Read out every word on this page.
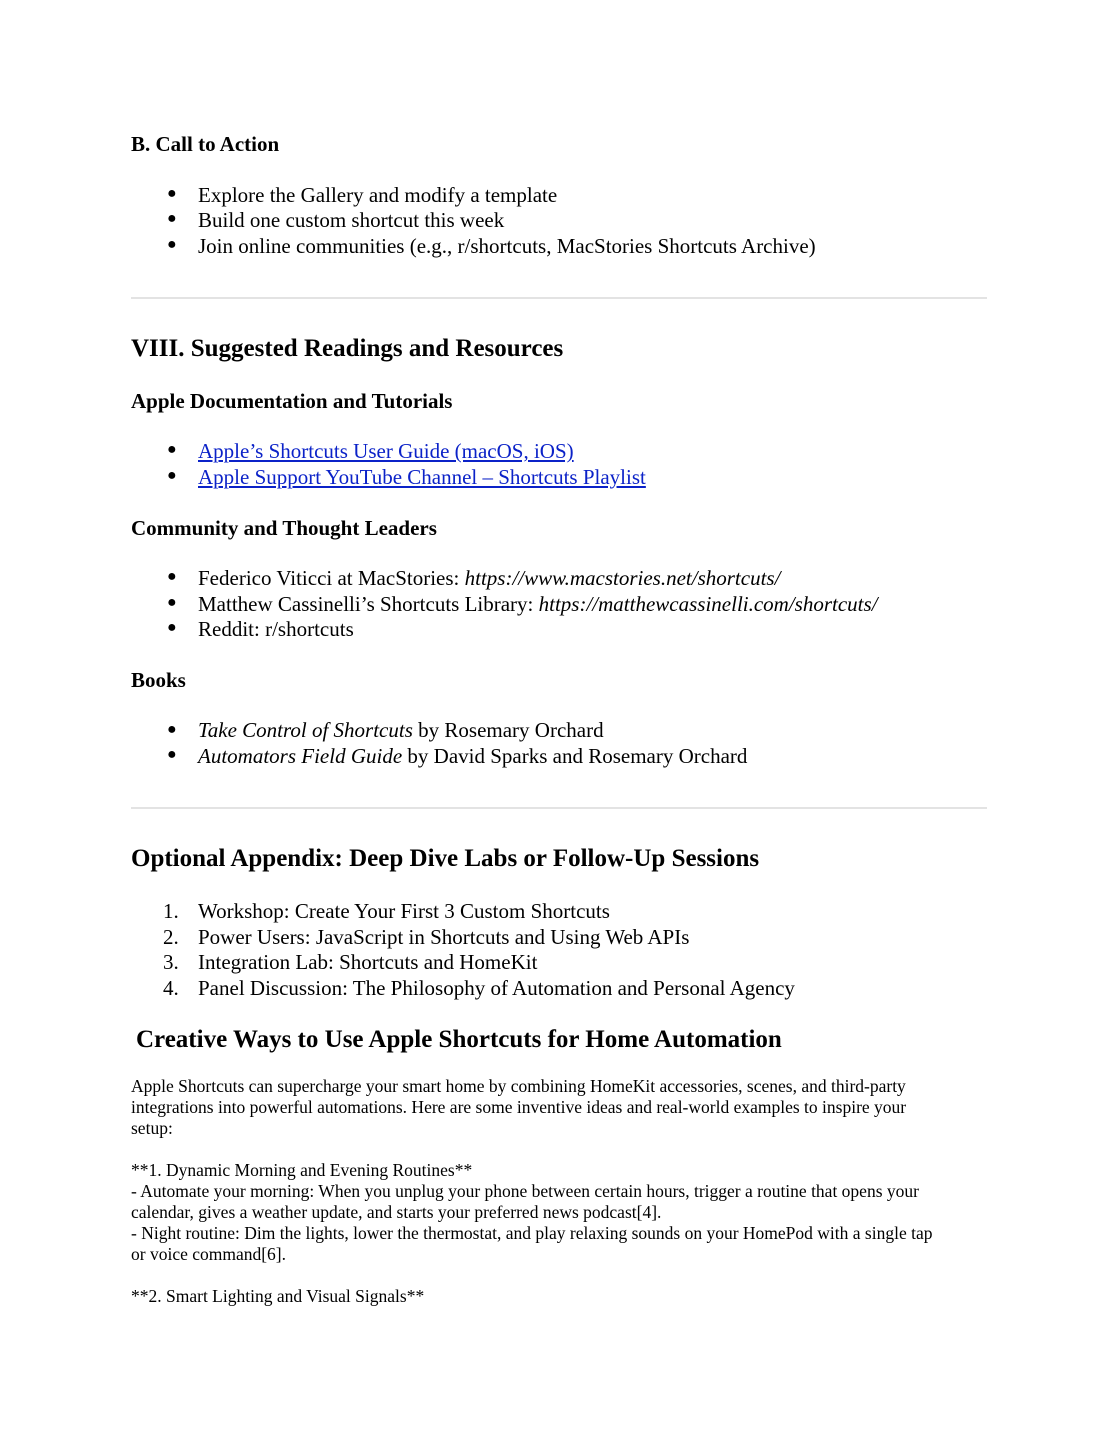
B. Call to Action
● Explore the Gallery and modify a template
● Build one custom shortcut this week
● Join online communities (e.g., r/shortcuts, MacStories Shortcuts Archive)
VIII. Suggested Readings and Resources
Apple Documentation and Tutorials
● Apple’s Shortcuts User Guide (macOS, iOS)
● Apple Support YouTube Channel – Shortcuts Playlist
Community and Thought Leaders
● Federico Viticci at MacStories: https://www.macstories.net/shortcuts/
● Matthew Cassinelli’s Shortcuts Library: https://matthewcassinelli.com/shortcuts/
● Reddit: r/shortcuts
Books
● Take Control of Shortcuts by Rosemary Orchard
● Automators Field Guide by David Sparks and Rosemary Orchard
Optional Appendix: Deep Dive Labs or Follow-Up Sessions
1. Workshop: Create Your First 3 Custom Shortcuts
2. Power Users: JavaScript in Shortcuts and Using Web APIs
3. Integration Lab: Shortcuts and HomeKit
4. Panel Discussion: The Philosophy of Automation and Personal Agency
Creative Ways to Use Apple Shortcuts for Home Automation
Apple Shortcuts can supercharge your smart home by combining HomeKit accessories, scenes, and third-party
integrations into powerful automations. Here are some inventive ideas and real-world examples to inspire your
setup:
**1. Dynamic Morning and Evening Routines**
- Automate your morning: When you unplug your phone between certain hours, trigger a routine that opens your
calendar, gives a weather update, and starts your preferred news podcast[4].
- Night routine: Dim the lights, lower the thermostat, and play relaxing sounds on your HomePod with a single tap
or voice command[6].
**2. Smart Lighting and Visual Signals**
